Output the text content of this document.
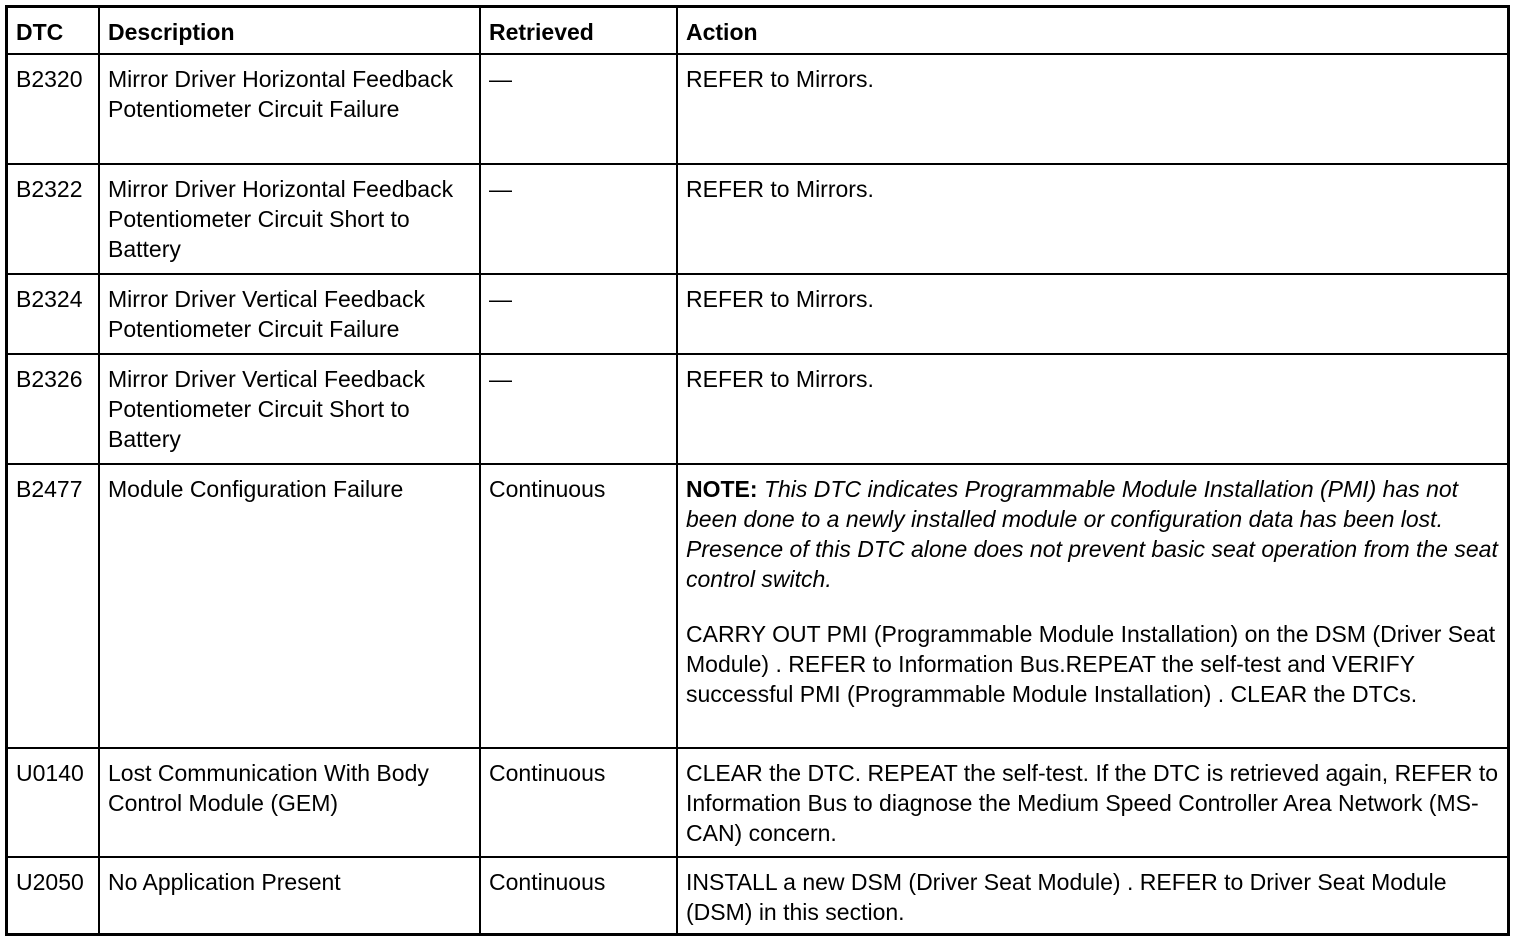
DTC	Description	Retrieved	Action
B2320	Mirror Driver Horizontal Feedback Potentiometer Circuit Failure	—	REFER to Mirrors.
B2322	Mirror Driver Horizontal Feedback Potentiometer Circuit Short to Battery	—	REFER to Mirrors.
B2324	Mirror Driver Vertical Feedback Potentiometer Circuit Failure	—	REFER to Mirrors.
B2326	Mirror Driver Vertical Feedback Potentiometer Circuit Short to Battery	—	REFER to Mirrors.
B2477	Module Configuration Failure	Continuous	NOTE: This DTC indicates Programmable Module Installation (PMI) has not been done to a newly installed module or configuration data has been lost. Presence of this DTC alone does not prevent basic seat operation from the seat control switch.
CARRY OUT PMI (Programmable Module Installation) on the DSM (Driver Seat Module) . REFER to Information Bus.REPEAT the self-test and VERIFY successful PMI (Programmable Module Installation) . CLEAR the DTCs.

U0140	Lost Communication With Body Control Module (GEM)	Continuous	CLEAR the DTC. REPEAT the self-test. If the DTC is retrieved again, REFER to Information Bus to diagnose the Medium Speed Controller Area Network (MS-CAN) concern.
U2050	No Application Present	Continuous	INSTALL a new DSM (Driver Seat Module) . REFER to Driver Seat Module (DSM) in this section.
